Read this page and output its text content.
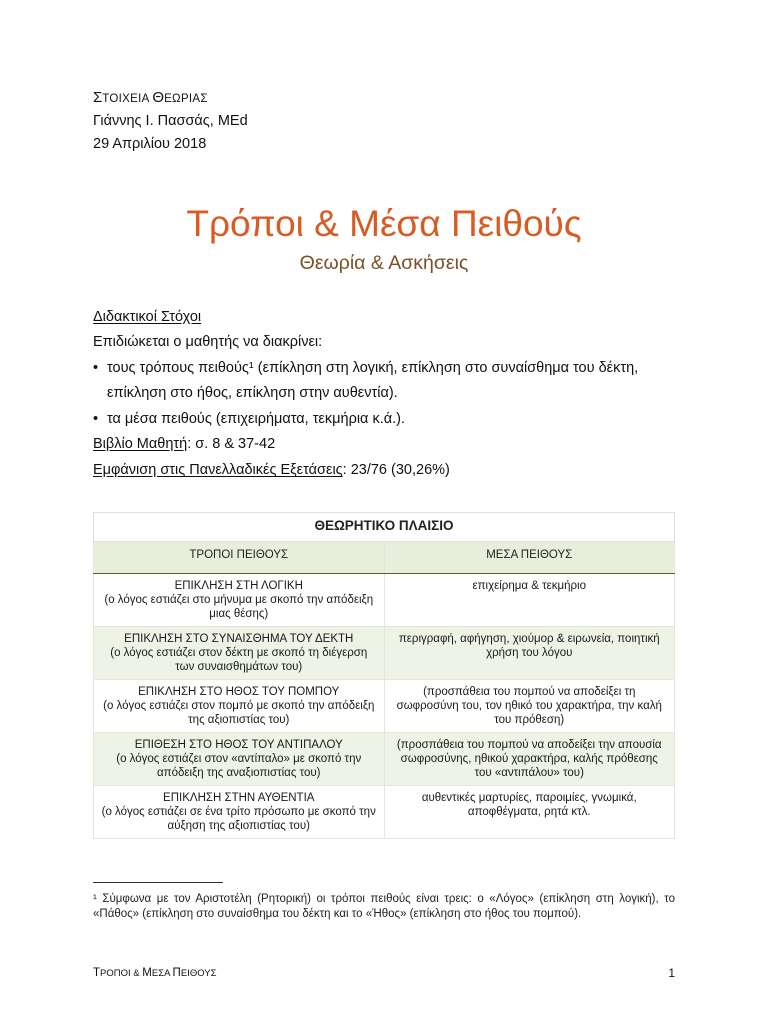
ΣΤΟΙΧΕΙΑ ΘΕΩΡΙΑΣ
Γιάννης Ι. Πασσάς, MEd
29 Απριλίου 2018
Τρόποι & Μέσα Πειθούς
Θεωρία & Ασκήσεις
Διδακτικοί Στόχοι
Επιδιώκεται ο μαθητής να διακρίνει:
• τους τρόπους πειθούς¹ (επίκληση στη λογική, επίκληση στο συναίσθημα του δέκτη,
επίκληση στο ήθος, επίκληση στην αυθεντία).
• τα μέσα πειθούς (επιχειρήματα, τεκμήρια κ.ά.).
Βιβλίο Μαθητή: σ. 8 & 37-42
Εμφάνιση στις Πανελλαδικές Εξετάσεις: 23/76 (30,26%)
ΘΕΩΡΗΤΙΚΟ ΠΛΑΙΣΙΟ	
ΤΡΟΠΟΙ ΠΕΙΘΟΥΣ	ΜΕΣΑ ΠΕΙΘΟΥΣ

ΕΠΙΚΛΗΣΗ ΣΤΗ ΛΟΓΙΚΗ
(ο λόγος εστιάζει στο μήνυμα με σκοπό την απόδειξη μιας θέσης)	επιχείρημα & τεκμήριο

ΕΠΙΚΛΗΣΗ ΣΤΟ ΣΥΝΑΙΣΘΗΜΑ ΤΟΥ ΔΕΚΤΗ
(ο λόγος εστιάζει στον δέκτη με σκοπό τη διέγερση των συναισθημάτων του)	περιγραφή, αφήγηση, χιούμορ & ειρωνεία, ποιητική χρήση του λόγου

ΕΠΙΚΛΗΣΗ ΣΤΟ ΗΘΟΣ ΤΟΥ ΠΟΜΠΟΥ
(ο λόγος εστιάζει στον πομπό με σκοπό την απόδειξη της αξιοπιστίας του)	(προσπάθεια του πομπού να αποδείξει τη σωφροσύνη του, τον ηθικό του χαρακτήρα, την καλή του πρόθεση)

ΕΠΙΘΕΣΗ ΣΤΟ ΗΘΟΣ ΤΟΥ ΑΝΤΙΠΑΛΟΥ
(ο λόγος εστιάζει στον «αντίπαλο» με σκοπό την απόδειξη της αναξιοπιστίας του)	(προσπάθεια του πομπού να αποδείξει την απουσία σωφροσύνης, ηθικού χαρακτήρα, καλής πρόθεσης του «αντιπάλου» του)

ΕΠΙΚΛΗΣΗ ΣΤΗΝ ΑΥΘΕΝΤΙΑ
(ο λόγος εστιάζει σε ένα τρίτο πρόσωπο με σκοπό την αύξηση της αξιοπιστίας του)	αυθεντικές μαρτυρίες, παροιμίες, γνωμικά, αποφθέγματα, ρητά κτλ.
¹ Σύμφωνα με τον Αριστοτέλη (Ρητορική) οι τρόποι πειθούς είναι τρεις: ο «Λόγος» (επίκληση στη λογική), το «Πάθος» (επίκληση στο συναίσθημα του δέκτη και το «Ήθος» (επίκληση στο ήθος του πομπού).
ΤΡΟΠΟΙ & ΜΕΣΑ ΠΕΙΘΟΥΣ	1
